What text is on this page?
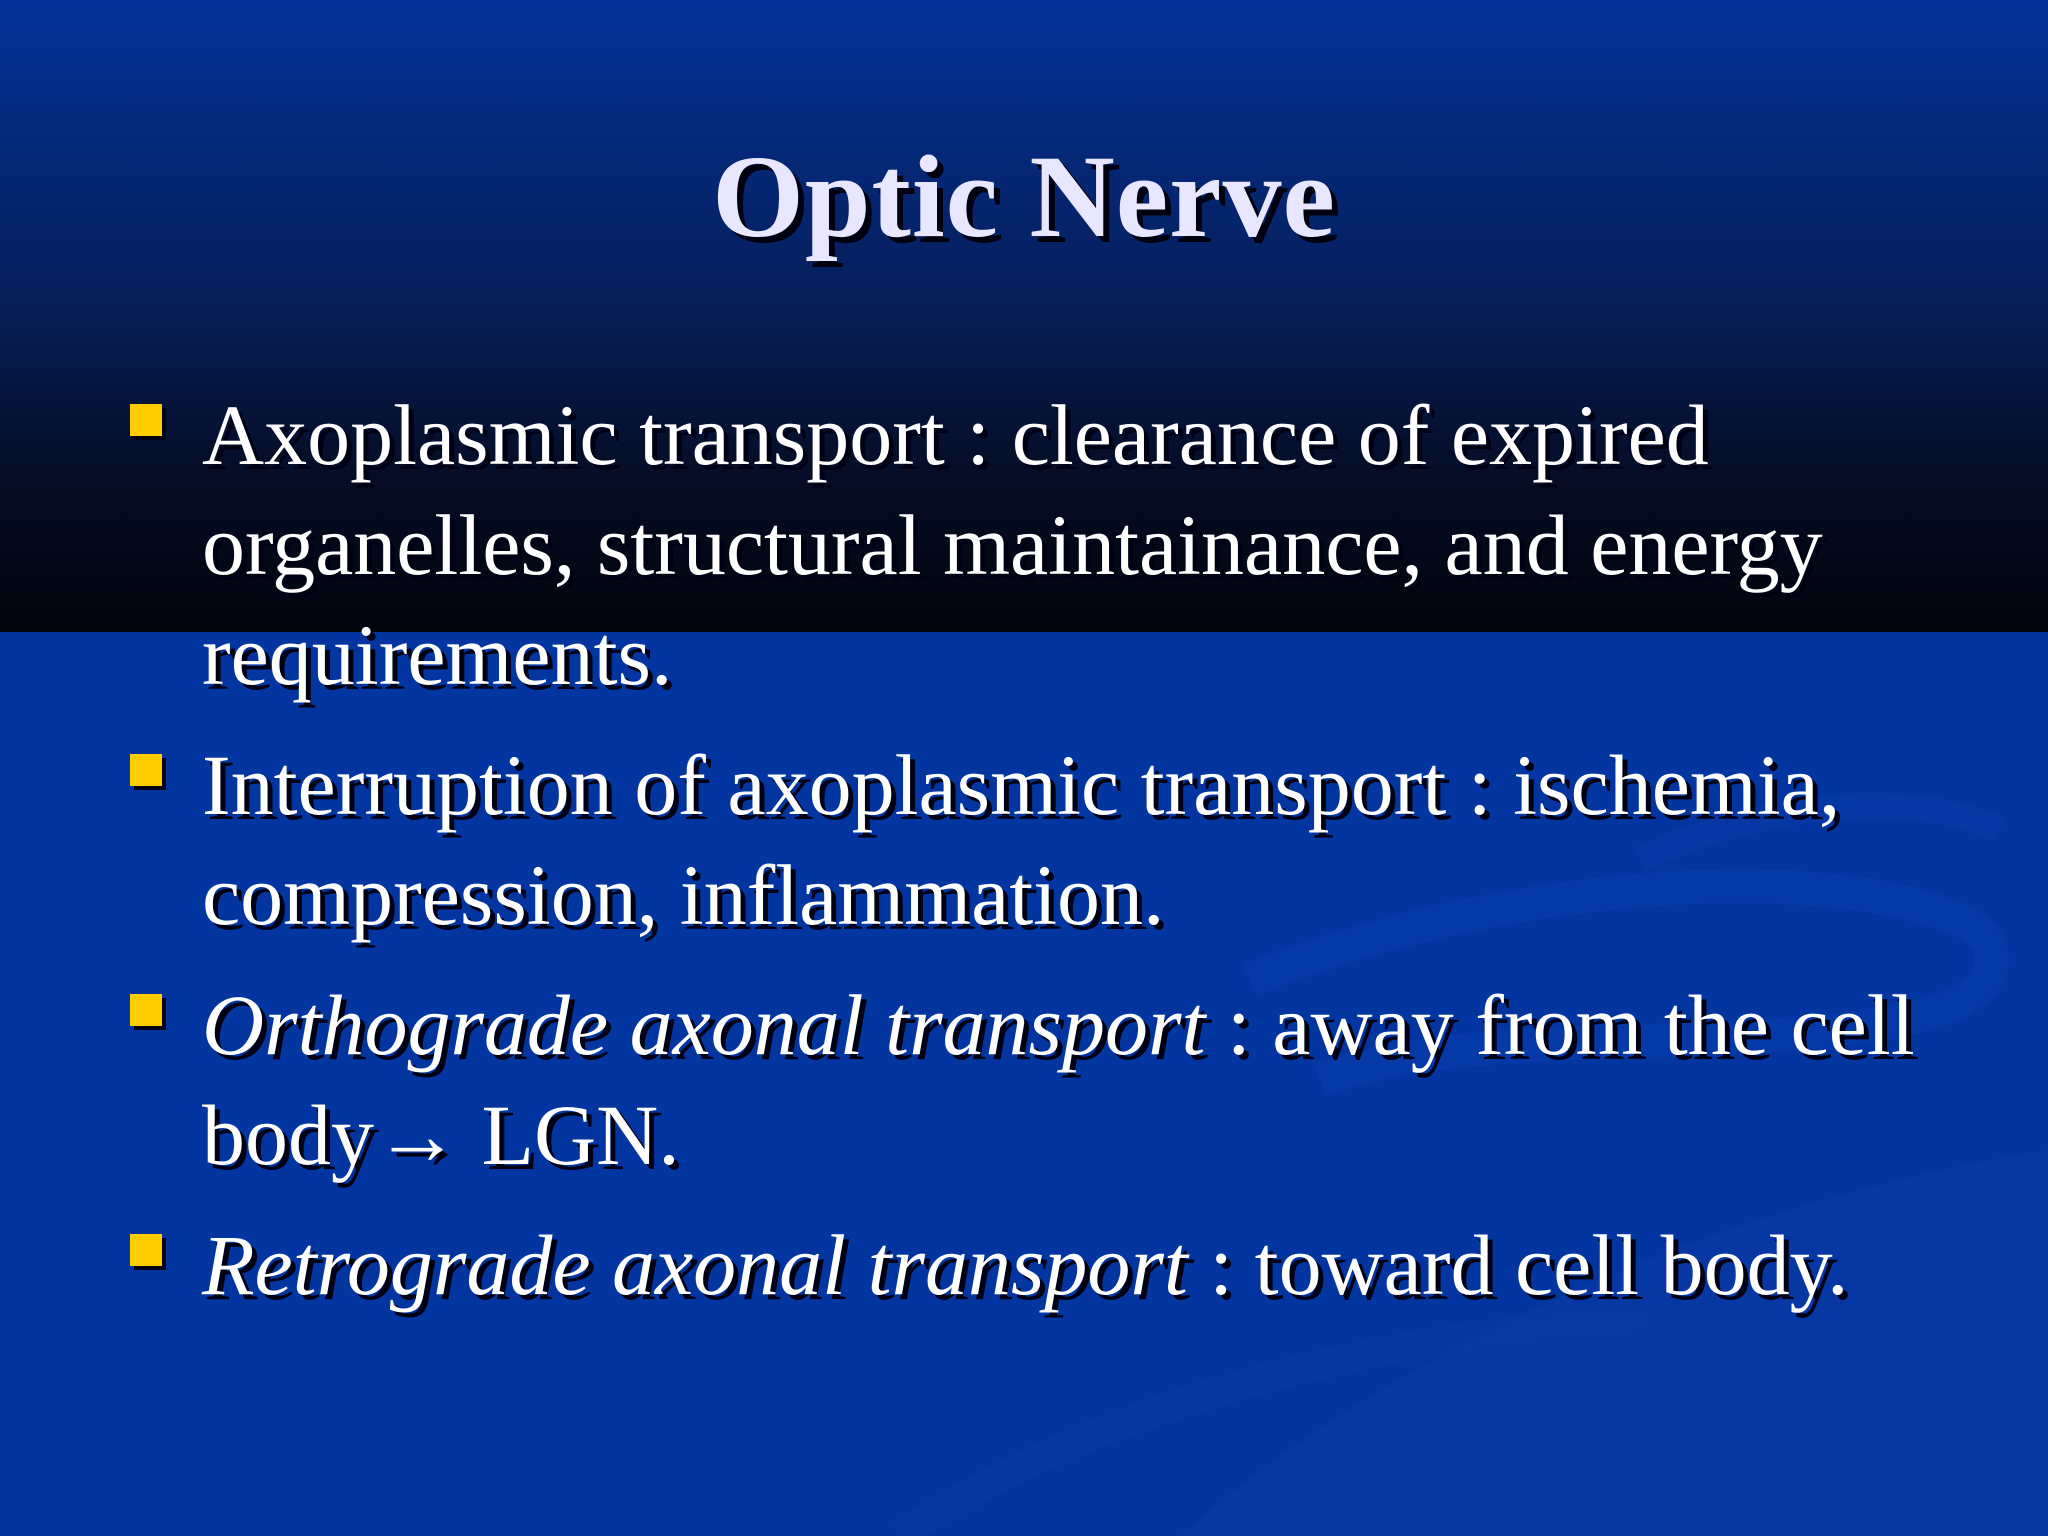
Optic Nerve
Axoplasmic transport : clearance of expired organelles, structural maintainance, and energy requirements.
Interruption of axoplasmic transport : ischemia, compression, inflammation.
Orthograde axonal transport : away from the cell body→ LGN.
Retrograde axonal transport : toward cell body.
